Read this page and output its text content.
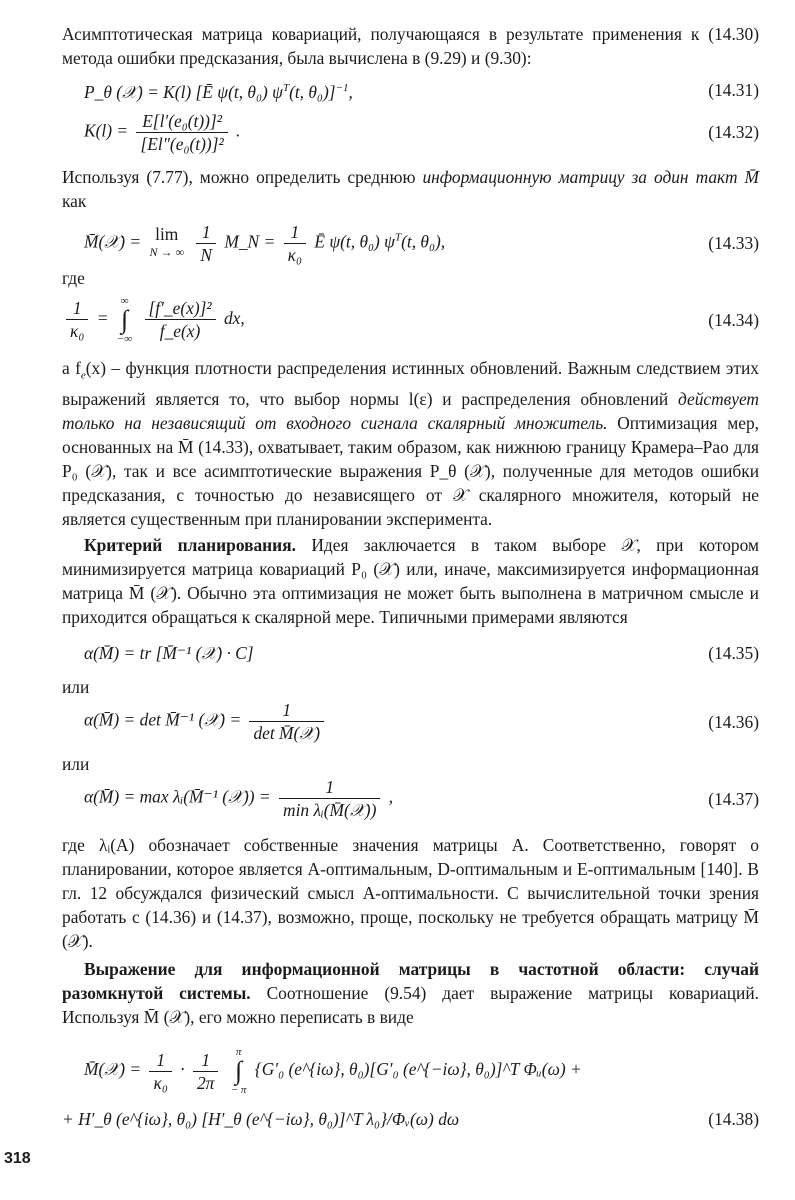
Асимптотическая матрица ковариаций, получающаяся в результате применения к (14.30) метода ошибки предсказания, была вычислена в (9.29) и (9.30):

P_θ (𝒳) = K(l) [Ē ψ(t, θ₀) $\psi^T(t$, θ₀)]$^{-1}$,	(14.31)
$K(l) = \frac{\text{E[l′(e₀(t))]²}}{\text{[El″(e₀(t))]²}}$ .	(14.32)

Используя (7.77), можно определить среднюю информационную матрицу за один такт M̄ как

M̄(𝒳) = lim
N → ∞
$\frac{1}{N}$ M_N = $\frac{1}{\text{κ₀}}$ Ē ψ(t, θ₀) $\psi^T(t$, θ₀),	(14.33)
где
$\frac{1}{\text{κ₀}}$ =
∞
∫
−∞
$\frac{\text{[f′\_e(x)]²}}{f\_e(x)}$ dx,	(14.34)

а $f_e(x)$ – функция плотности распределения истинных обновлений. Важным следствием этих выражений является то, что выбор нормы l(ε) и распределения обновлений действует только на независящий от входного сигнала скалярный множитель. Оптимизация мер, основанных на M̄ (14.33), охватывает, таким образом, как нижнюю границу Крамера–Рао для P₀ (𝒳), так и все асимптотические выражения P_θ (𝒳), полученные для методов ошибки предсказания, с точностью до независящего от 𝒳 скалярного множителя, который не является существенным при планировании эксперимента.

Критерий планирования. Идея заключается в таком выборе 𝒳, при котором минимизируется матрица ковариаций P₀ (𝒳) или, иначе, максимизируется информационная матрица M̄ (𝒳). Обычно эта оптимизация не может быть выполнена в матричном смысле и приходится обращаться к скалярной мере. Типичными примерами являются

α(M̄) = tr [M̄⁻¹ (𝒳) · C]	(14.35)
или
α(M̄) = det M̄⁻¹ (𝒳) = $\frac{1}{\text{det M̄(𝒳)}}$	(14.36)
или
α(M̄) = max λᵢ(M̄⁻¹ (𝒳)) = $\frac{1}{\text{min λᵢ(M̄(𝒳))}}$ ,	(14.37)

где λᵢ(A) обозначает собственные значения матрицы A. Соответственно, говорят о планировании, которое является A-оптимальным, D-оптимальным и E-оптимальным [140]. В гл. 12 обсуждался физический смысл A-оптимальности. С вычислительной точки зрения работать с (14.36) и (14.37), возможно, проще, поскольку не требуется обращать матрицу M̄ (𝒳).

Выражение для информационной матрицы в частотной области: случай разомкнутой системы. Соотношение (9.54) дает выражение матрицы ковариаций. Используя M̄ (𝒳), его можно переписать в виде

M̄(𝒳) = $\frac{1}{\text{κ₀}} \cdot \frac{1}{2\pi}$
	π
∫
− π
{G′₀ (e^{iω}, θ₀)[G′₀ (e^{−iω}, θ₀)]^T Φᵤ(ω) +
+ H′_θ (e^{iω}, θ₀) [H′_θ (e^{−iω}, θ₀)]^T λ₀}/Φᵥ(ω) dω	(14.38)
318
